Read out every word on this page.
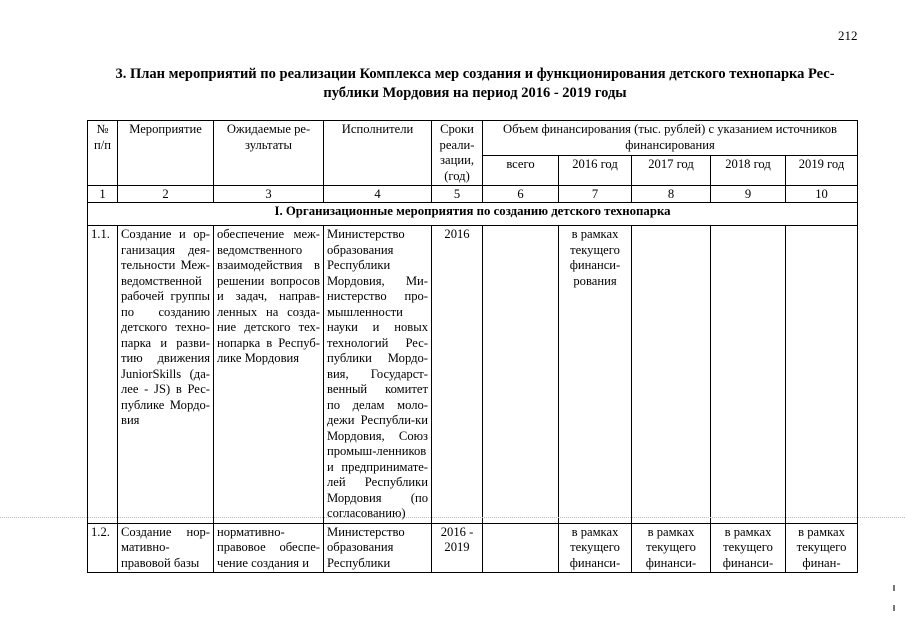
212
3. План мероприятий по реализации Комплекса мер создания и функционирования детского технопарка Рес-
публики Мордовия на период 2016 - 2019 годы
№ п/п	Мероприятие	Ожидаемые ре-зультаты	Исполнители	Сроки реали-зации, (год)	Объем финансирования (тыс. рублей) с указанием источников финансирования				
					всего	2016 год	2017 год	2018 год	2019 год
1	2	3	4	5	6	7	8	9	10
I. Организационные мероприятия по созданию детского технопарка									
1.1.	Создание и ор-ганизация дея-тельности Меж-ведомственной рабочей группы по созданию детского техно-парка и разви-тию движения JuniorSkills (да-лее - JS) в Рес-публике Мордо-вия	обеспечение меж-ведомственного взаимодействия в решении вопросов и задач, направ-ленных на созда-ние детского тех-нопарка в Респуб-лике Мордовия	Министерство образования Республики Мордовия, Ми-нистерство про-мышленности науки и новых технологий Рес-публики Мордо-вия, Государст-венный комитет по делам моло-дежи Республи-ки Мордовия, Союз промыш-ленников и предпринимате-лей Республики Мордовия (по согласованию)	2016		в рамках текущего финанси-рования			
1.2.	Создание нор-мативно-правовой базы	нормативно-правовое обеспе-чение создания и	Министерство образования Республики	2016 - 2019		в рамках текущего финанси-	в рамках текущего финанси-	в рамках текущего финанси-	в рамках текущего финан-
